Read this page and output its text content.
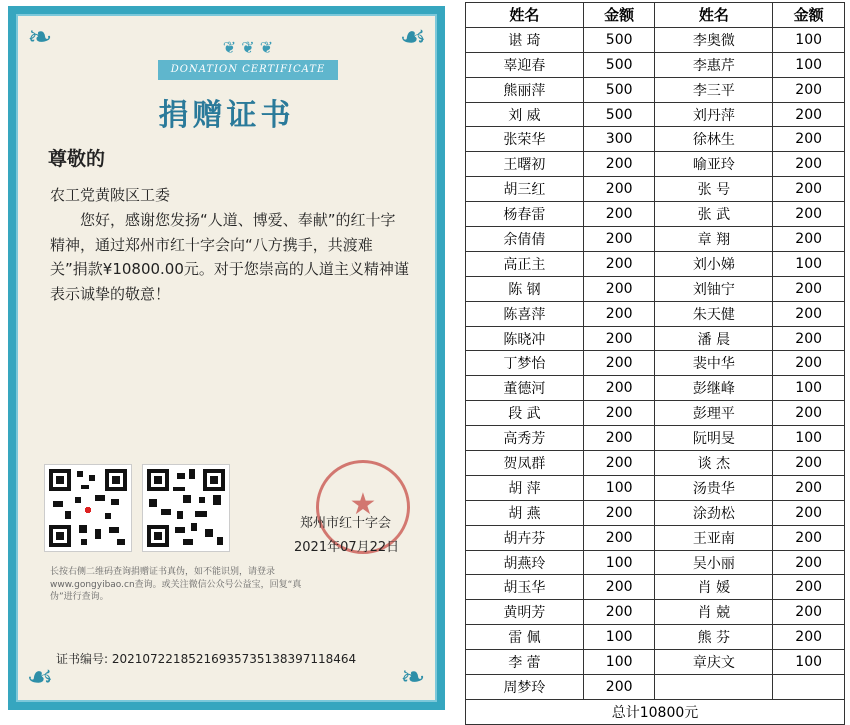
❧	☙
☙	❧
❦ ❦ ❦
DONATION CERTIFICATE
捐赠证书
尊敬的
农工党黄陂区工委
您好，感谢您发扬“人道、博爱、奉献”的红十字精神，通过郑州市红十字会向“八方携手，共渡难关”捐款¥10800.00元。对于您崇高的人道主义精神谨表示诚挚的敬意！
★
郑州市红十字会
2021年07月22日
长按右侧二维码查询捐赠证书真伪，如不能识别，请登录www.gongyibao.cn查询。或关注微信公众号公益宝，回复“真伪”进行查询。
证书编号: 20210722185216935735138397118464
姓名	金额	姓名	金额
谌 琦	500	李奥微	100
辜迎春	500	李惠芹	100
熊丽萍	500	李三平	200
刘 威	500	刘丹萍	200
张荣华	300	徐林生	200
王曙初	200	喻亚玲	200
胡三红	200	张 号	200
杨春雷	200	张 武	200
余倩倩	200	章 翔	200
高正主	200	刘小娣	100
陈 钢	200	刘铀宁	200
陈喜萍	200	朱天健	200
陈晓冲	200	潘 晨	200
丁梦怡	200	裴中华	200
董德河	200	彭继峰	100
段 武	200	彭理平	200
高秀芳	200	阮明旻	100
贺凤群	200	谈 杰	200
胡 萍	100	汤贵华	200
胡 燕	200	涂劲松	200
胡卉芬	200	王亚南	200
胡燕玲	100	吴小丽	200
胡玉华	200	肖 媛	200
黄明芳	200	肖 兢	200
雷 佩	100	熊 芬	200
李 蕾	100	章庆文	100
周梦玲	200		
总计10800元			
